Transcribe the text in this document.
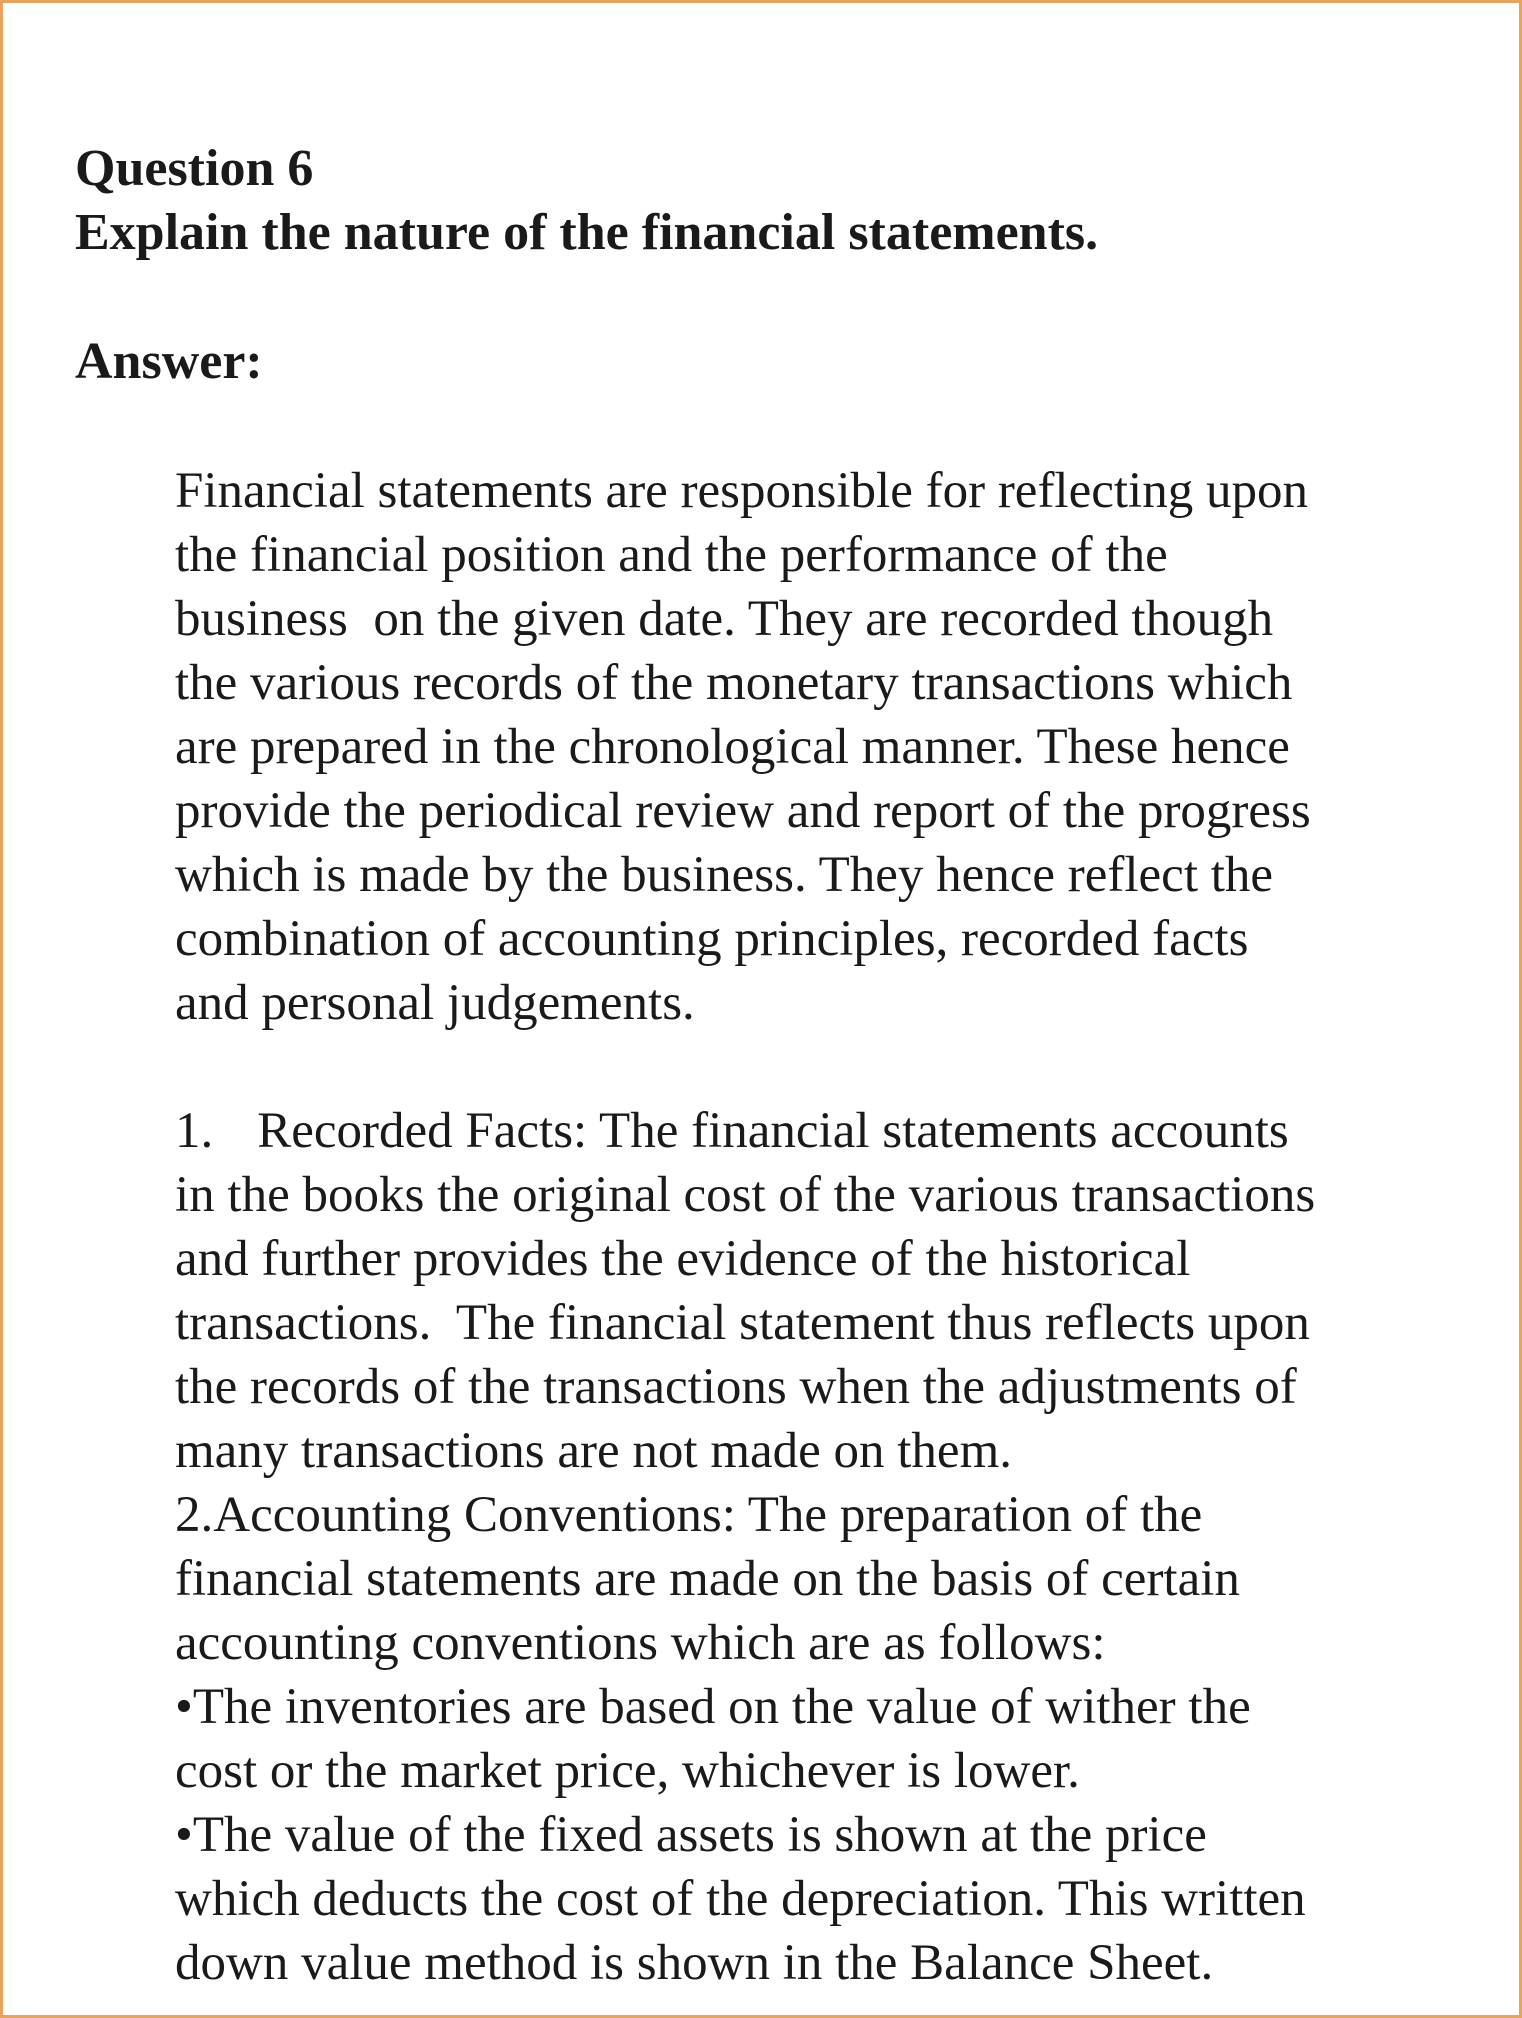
Question 6
Explain the nature of the financial statements.
Answer:
Financial statements are responsible for reflecting upon
the financial position and the performance of the
business  on the given date. They are recorded though
the various records of the monetary transactions which
are prepared in the chronological manner. These hence
provide the periodical review and report of the progress
which is made by the business. They hence reflect the
combination of accounting principles, recorded facts
and personal judgements.
1. Recorded Facts: The financial statements accounts
in the books the original cost of the various transactions
and further provides the evidence of the historical
transactions.  The financial statement thus reflects upon
the records of the transactions when the adjustments of
many transactions are not made on them.
2.Accounting Conventions: The preparation of the
financial statements are made on the basis of certain
accounting conventions which are as follows:
•The inventories are based on the value of wither the
cost or the market price, whichever is lower.
•The value of the fixed assets is shown at the price
which deducts the cost of the depreciation. This written
down value method is shown in the Balance Sheet.
